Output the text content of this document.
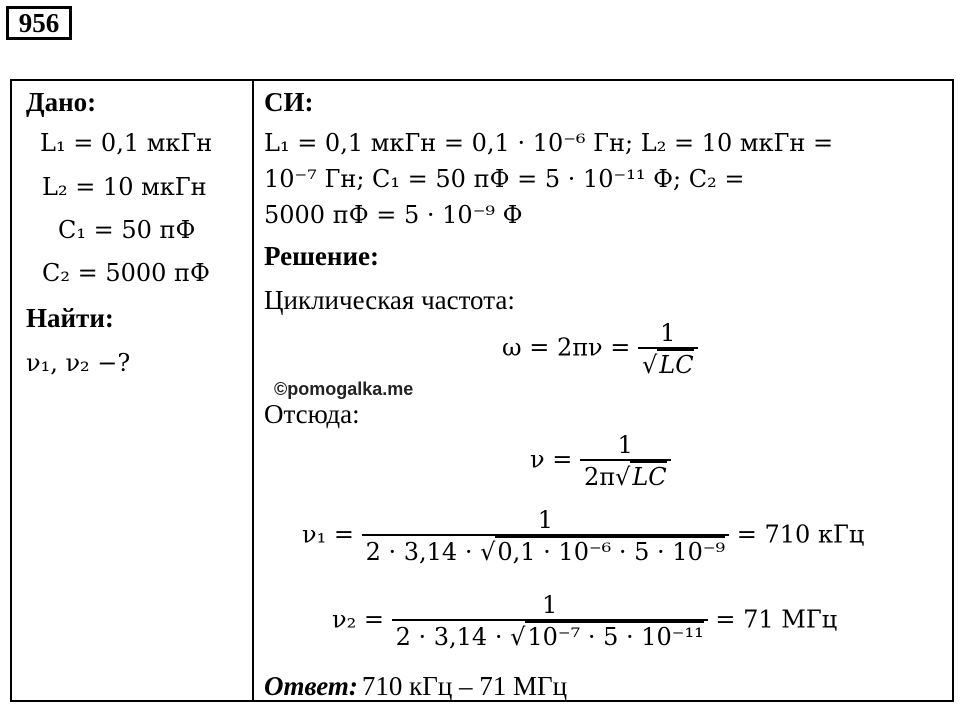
956
Дано:
L₁ = 0,1 мкГн
L₂ = 10 мкГн
C₁ = 50 пФ
C₂ = 5000 пФ
Найти:
ν₁, ν₂ −?
СИ:
L₁ = 0,1 мкГн = 0,1 · 10⁻⁶ Гн; L₂ = 10 мкГн =
10⁻⁷ Гн; C₁ = 50 пФ = 5 · 10⁻¹¹ Ф; C₂ =
5000 пФ = 5 · 10⁻⁹ Ф
Решение:
Циклическая частота:
$\omega = 2\pi\nu = \frac{1}{√LC}$
©pomogalka.me
Отсюда:
$\nu = \frac{1}{2\pi√LC}$
$\nu_1 = \frac{1}{\text{2 · 3,14 · √0,1 · 10⁻⁶ · 5 · 10⁻⁹}} = 710$ кГц
$\nu_2 = \frac{1}{\text{2 · 3,14 · √10⁻⁷ · 5 · 10⁻¹¹}} = 71$ МГц
Ответ: 710 кГц – 71 МГц
